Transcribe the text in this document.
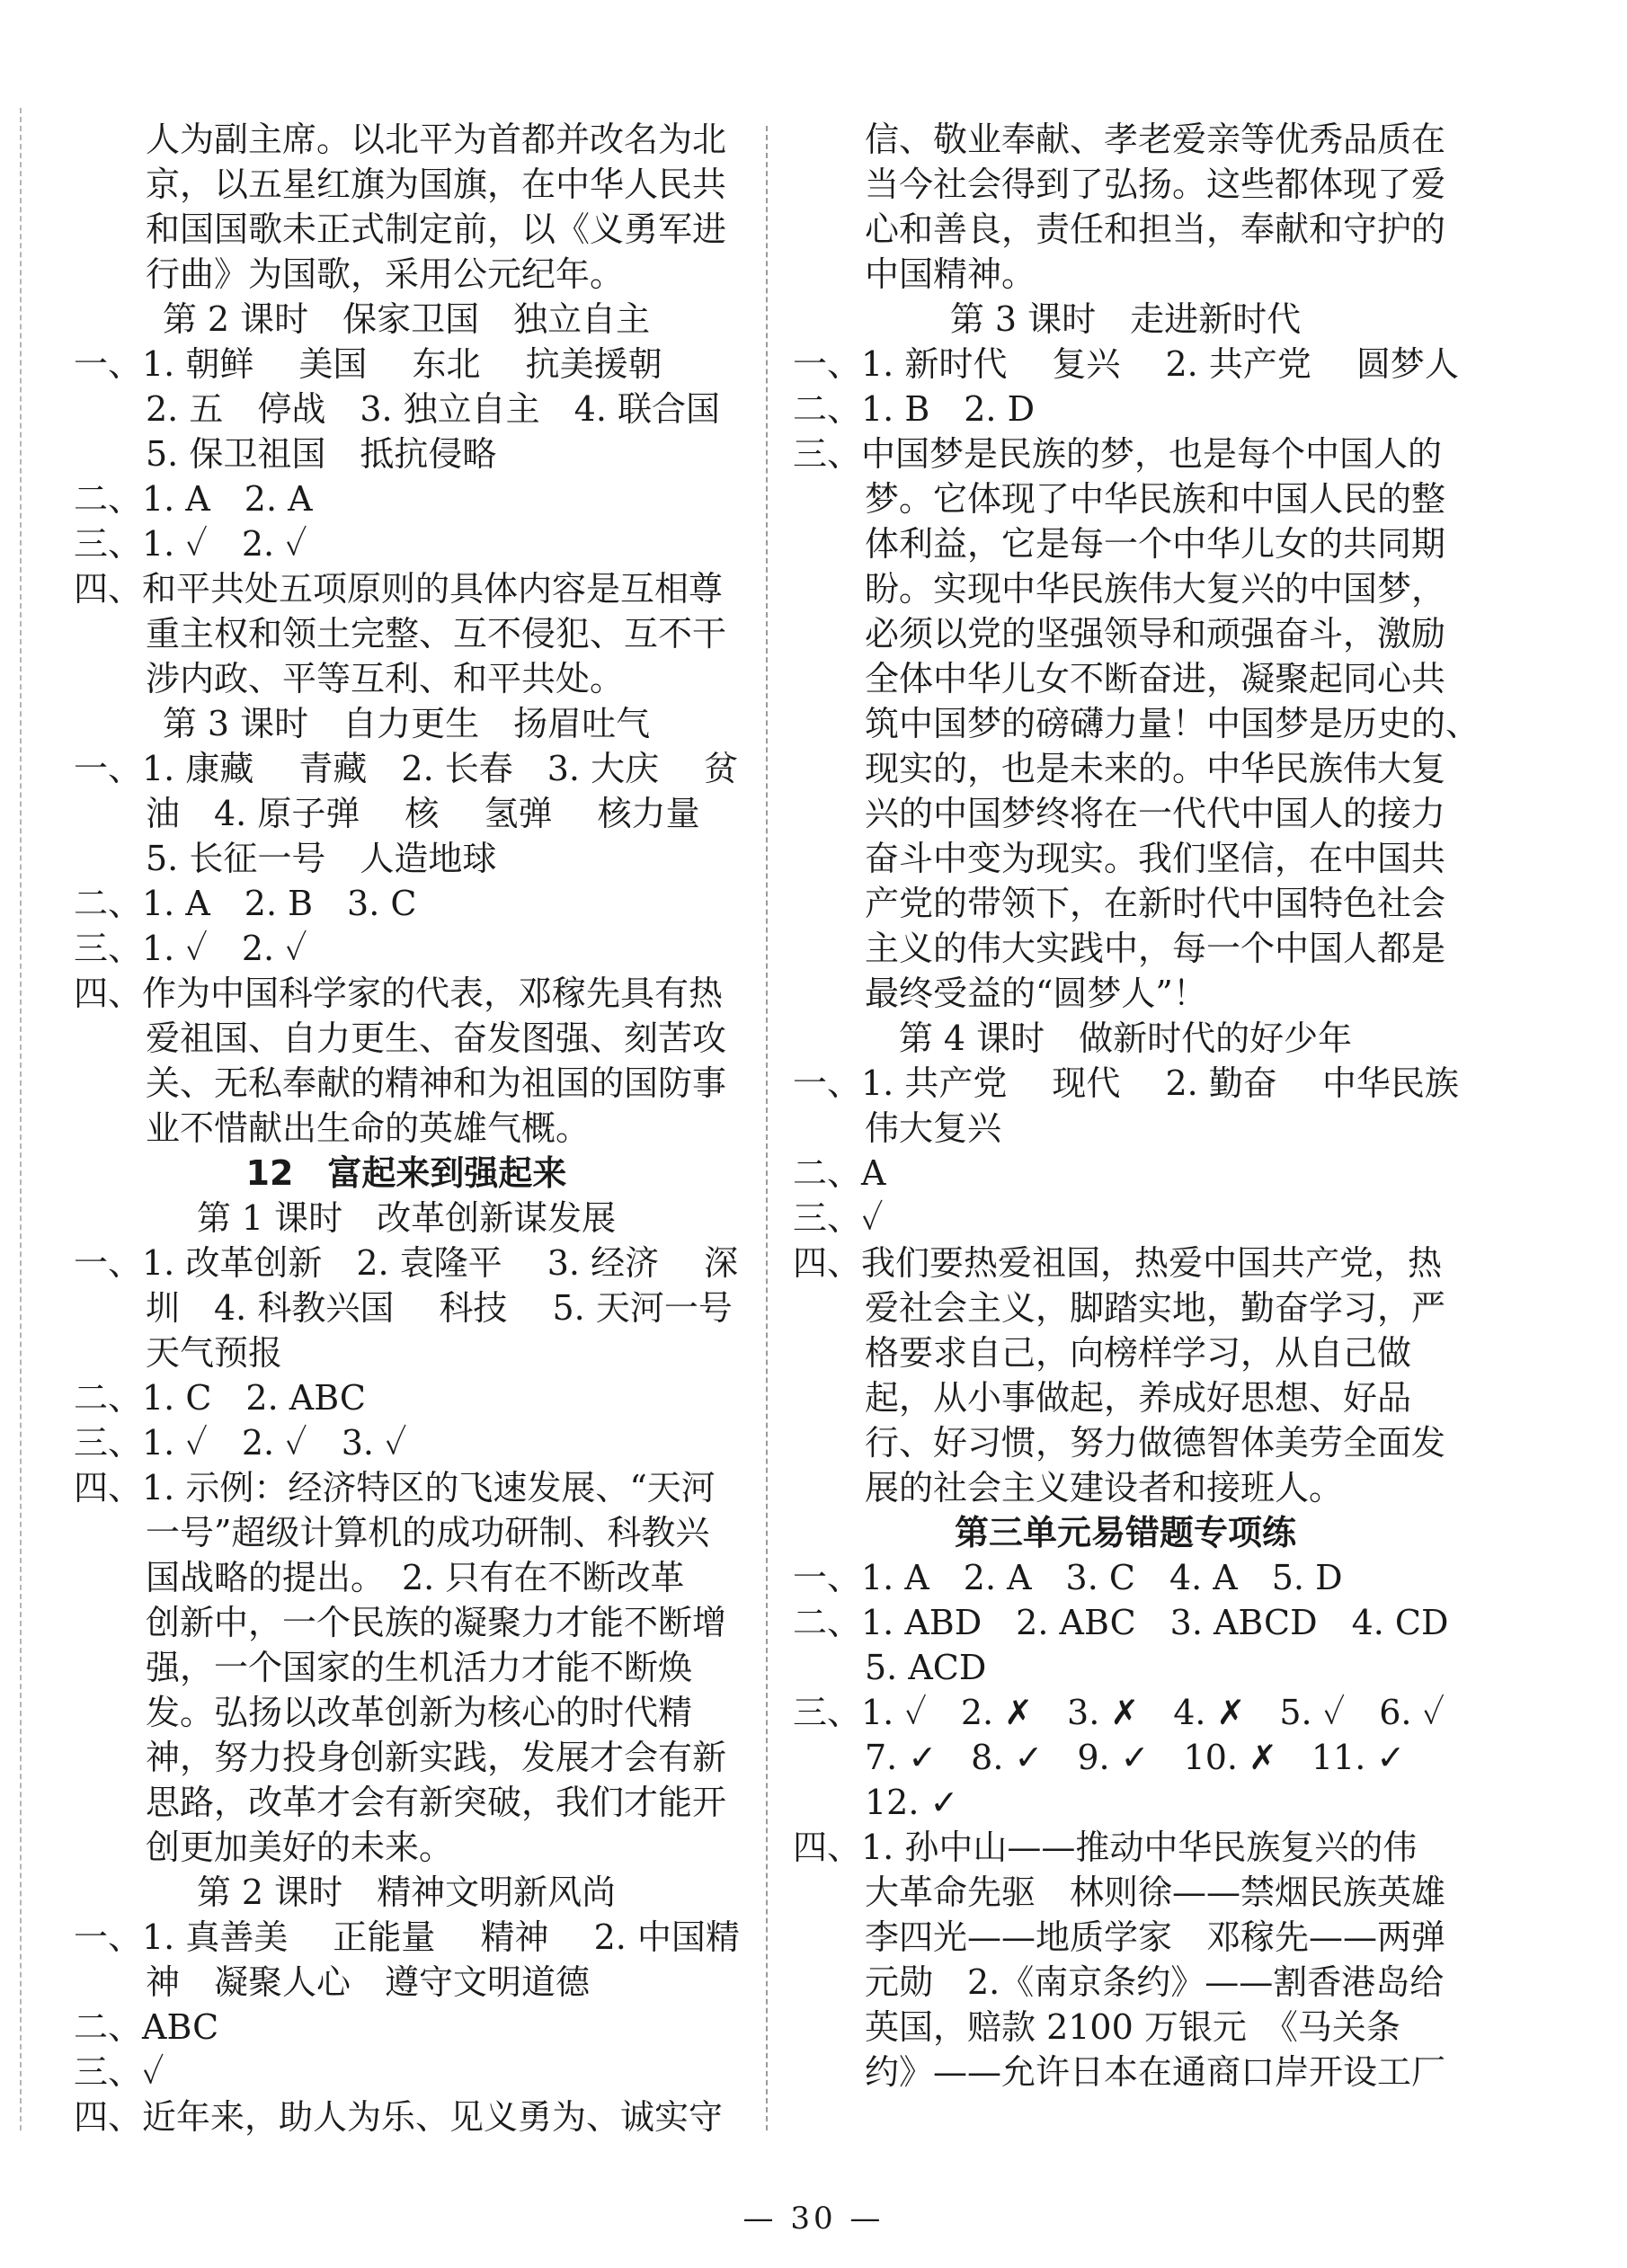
人为副主席。以北平为首都并改名为北
京，以五星红旗为国旗，在中华人民共
和国国歌未正式制定前，以《义勇军进
行曲》为国歌，采用公元纪年。
第 2 课时　保家卫国　独立自主
一、1. 朝鲜　 美国　 东北　 抗美援朝
2. 五　停战　3. 独立自主　4. 联合国
5. 保卫祖国　抵抗侵略
二、1. A　2. A
三、1. ✓　2. ✓
四、和平共处五项原则的具体内容是互相尊
重主权和领土完整、互不侵犯、互不干
涉内政、平等互利、和平共处。
第 3 课时　自力更生　扬眉吐气
一、1. 康藏　 青藏　2. 长春　3. 大庆　 贫
油　4. 原子弹　 核　 氢弹　 核力量
5. 长征一号　人造地球
二、1. A　2. B　3. C
三、1. ✓　2. ✓
四、作为中国科学家的代表，邓稼先具有热
爱祖国、自力更生、奋发图强、刻苦攻
关、无私奉献的精神和为祖国的国防事
业不惜献出生命的英雄气概。
12　富起来到强起来
第 1 课时　改革创新谋发展
一、1. 改革创新　2. 袁隆平　 3. 经济　 深
圳　4. 科教兴国　 科技　 5. 天河一号
天气预报
二、1. C　2. ABC
三、1. ✓　2. ✓　3. ✓
四、1. 示例：经济特区的飞速发展、“天河
一号”超级计算机的成功研制、科教兴
国战略的提出。　2. 只有在不断改革
创新中，一个民族的凝聚力才能不断增
强，一个国家的生机活力才能不断焕
发。弘扬以改革创新为核心的时代精
神，努力投身创新实践，发展才会有新
思路，改革才会有新突破，我们才能开
创更加美好的未来。
第 2 课时　精神文明新风尚
一、1. 真善美　 正能量　 精神　 2. 中国精
神　凝聚人心　遵守文明道德
二、ABC
三、✓
四、近年来，助人为乐、见义勇为、诚实守
信、敬业奉献、孝老爱亲等优秀品质在
当今社会得到了弘扬。这些都体现了爱
心和善良，责任和担当，奉献和守护的
中国精神。
第 3 课时　走进新时代
一、1. 新时代　 复兴　 2. 共产党　 圆梦人
二、1. B　2. D
三、中国梦是民族的梦，也是每个中国人的
梦。它体现了中华民族和中国人民的整
体利益，它是每一个中华儿女的共同期
盼。实现中华民族伟大复兴的中国梦，
必须以党的坚强领导和顽强奋斗，激励
全体中华儿女不断奋进，凝聚起同心共
筑中国梦的磅礴力量！中国梦是历史的、
现实的，也是未来的。中华民族伟大复
兴的中国梦终将在一代代中国人的接力
奋斗中变为现实。我们坚信，在中国共
产党的带领下，在新时代中国特色社会
主义的伟大实践中，每一个中国人都是
最终受益的“圆梦人”！
第 4 课时　做新时代的好少年
一、1. 共产党　 现代　 2. 勤奋　 中华民族
伟大复兴
二、A
三、✓
四、我们要热爱祖国，热爱中国共产党，热
爱社会主义，脚踏实地，勤奋学习，严
格要求自己，向榜样学习，从自己做
起，从小事做起，养成好思想、好品
行、好习惯，努力做德智体美劳全面发
展的社会主义建设者和接班人。
第三单元易错题专项练
一、1. A　2. A　3. C　4. A　5. D
二、1. ABD　2. ABC　3. ABCD　4. CD
5. ACD
三、1. ✓　2. ✗　3. ✗　4. ✗　5. ✓　6. ✓
7. ✓　8. ✓　9. ✓　10. ✗　11. ✓
12. ✓
四、1. 孙中山——推动中华民族复兴的伟
大革命先驱　林则徐——禁烟民族英雄
李四光——地质学家　邓稼先——两弹
元勋　2.《南京条约》——割香港岛给
英国，赔款 2100 万银元　《马关条
约》——允许日本在通商口岸开设工厂
— 30 —
